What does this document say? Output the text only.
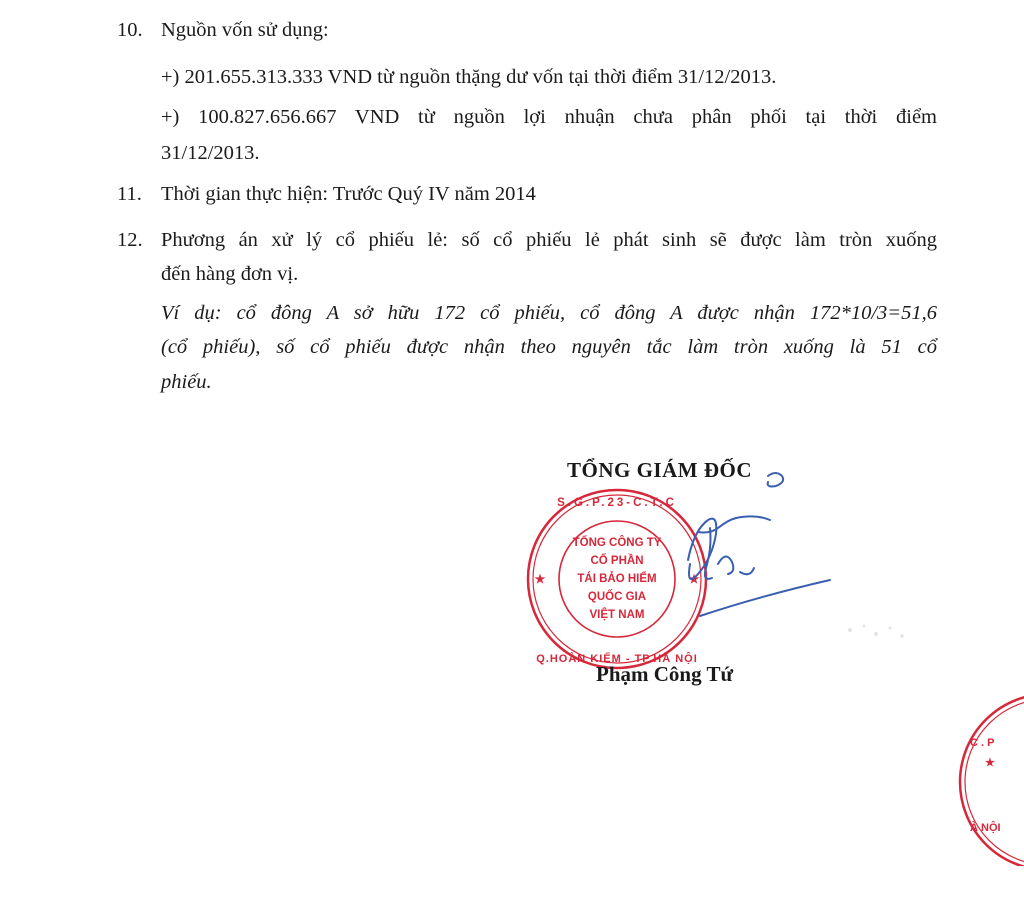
10. Nguồn vốn sử dụng:

+) 201.655.313.333 VND từ nguồn thặng dư vốn tại thời điểm 31/12/2013.

+) 100.827.656.667 VND từ nguồn lợi nhuận chưa phân phối tại thời điểm

31/12/2013.

11. Thời gian thực hiện: Trước Quý IV năm 2014
12. Phương án xử lý cổ phiếu lẻ: số cổ phiếu lẻ phát sinh sẽ được làm tròn xuống

đến hàng đơn vị.

Ví dụ: cổ đông A sở hữu 172 cổ phiếu, cổ đông A được nhận 172*10/3=51,6

(cổ phiếu), số cổ phiếu được nhận theo nguyên tắc làm tròn xuống là 51 cổ

phiếu.

TỔNG GIÁM ĐỐC
★	★
S.G.P.23-C.T.C
Q.HOÀN KIẾM - TP.HÀ NỘI
TỔNG CÔNG TY
CỔ PHẦN
TÁI BẢO HIỂM
QUỐC GIA
VIỆT NAM
Phạm Công Tứ
C . P
★
À NỘI
